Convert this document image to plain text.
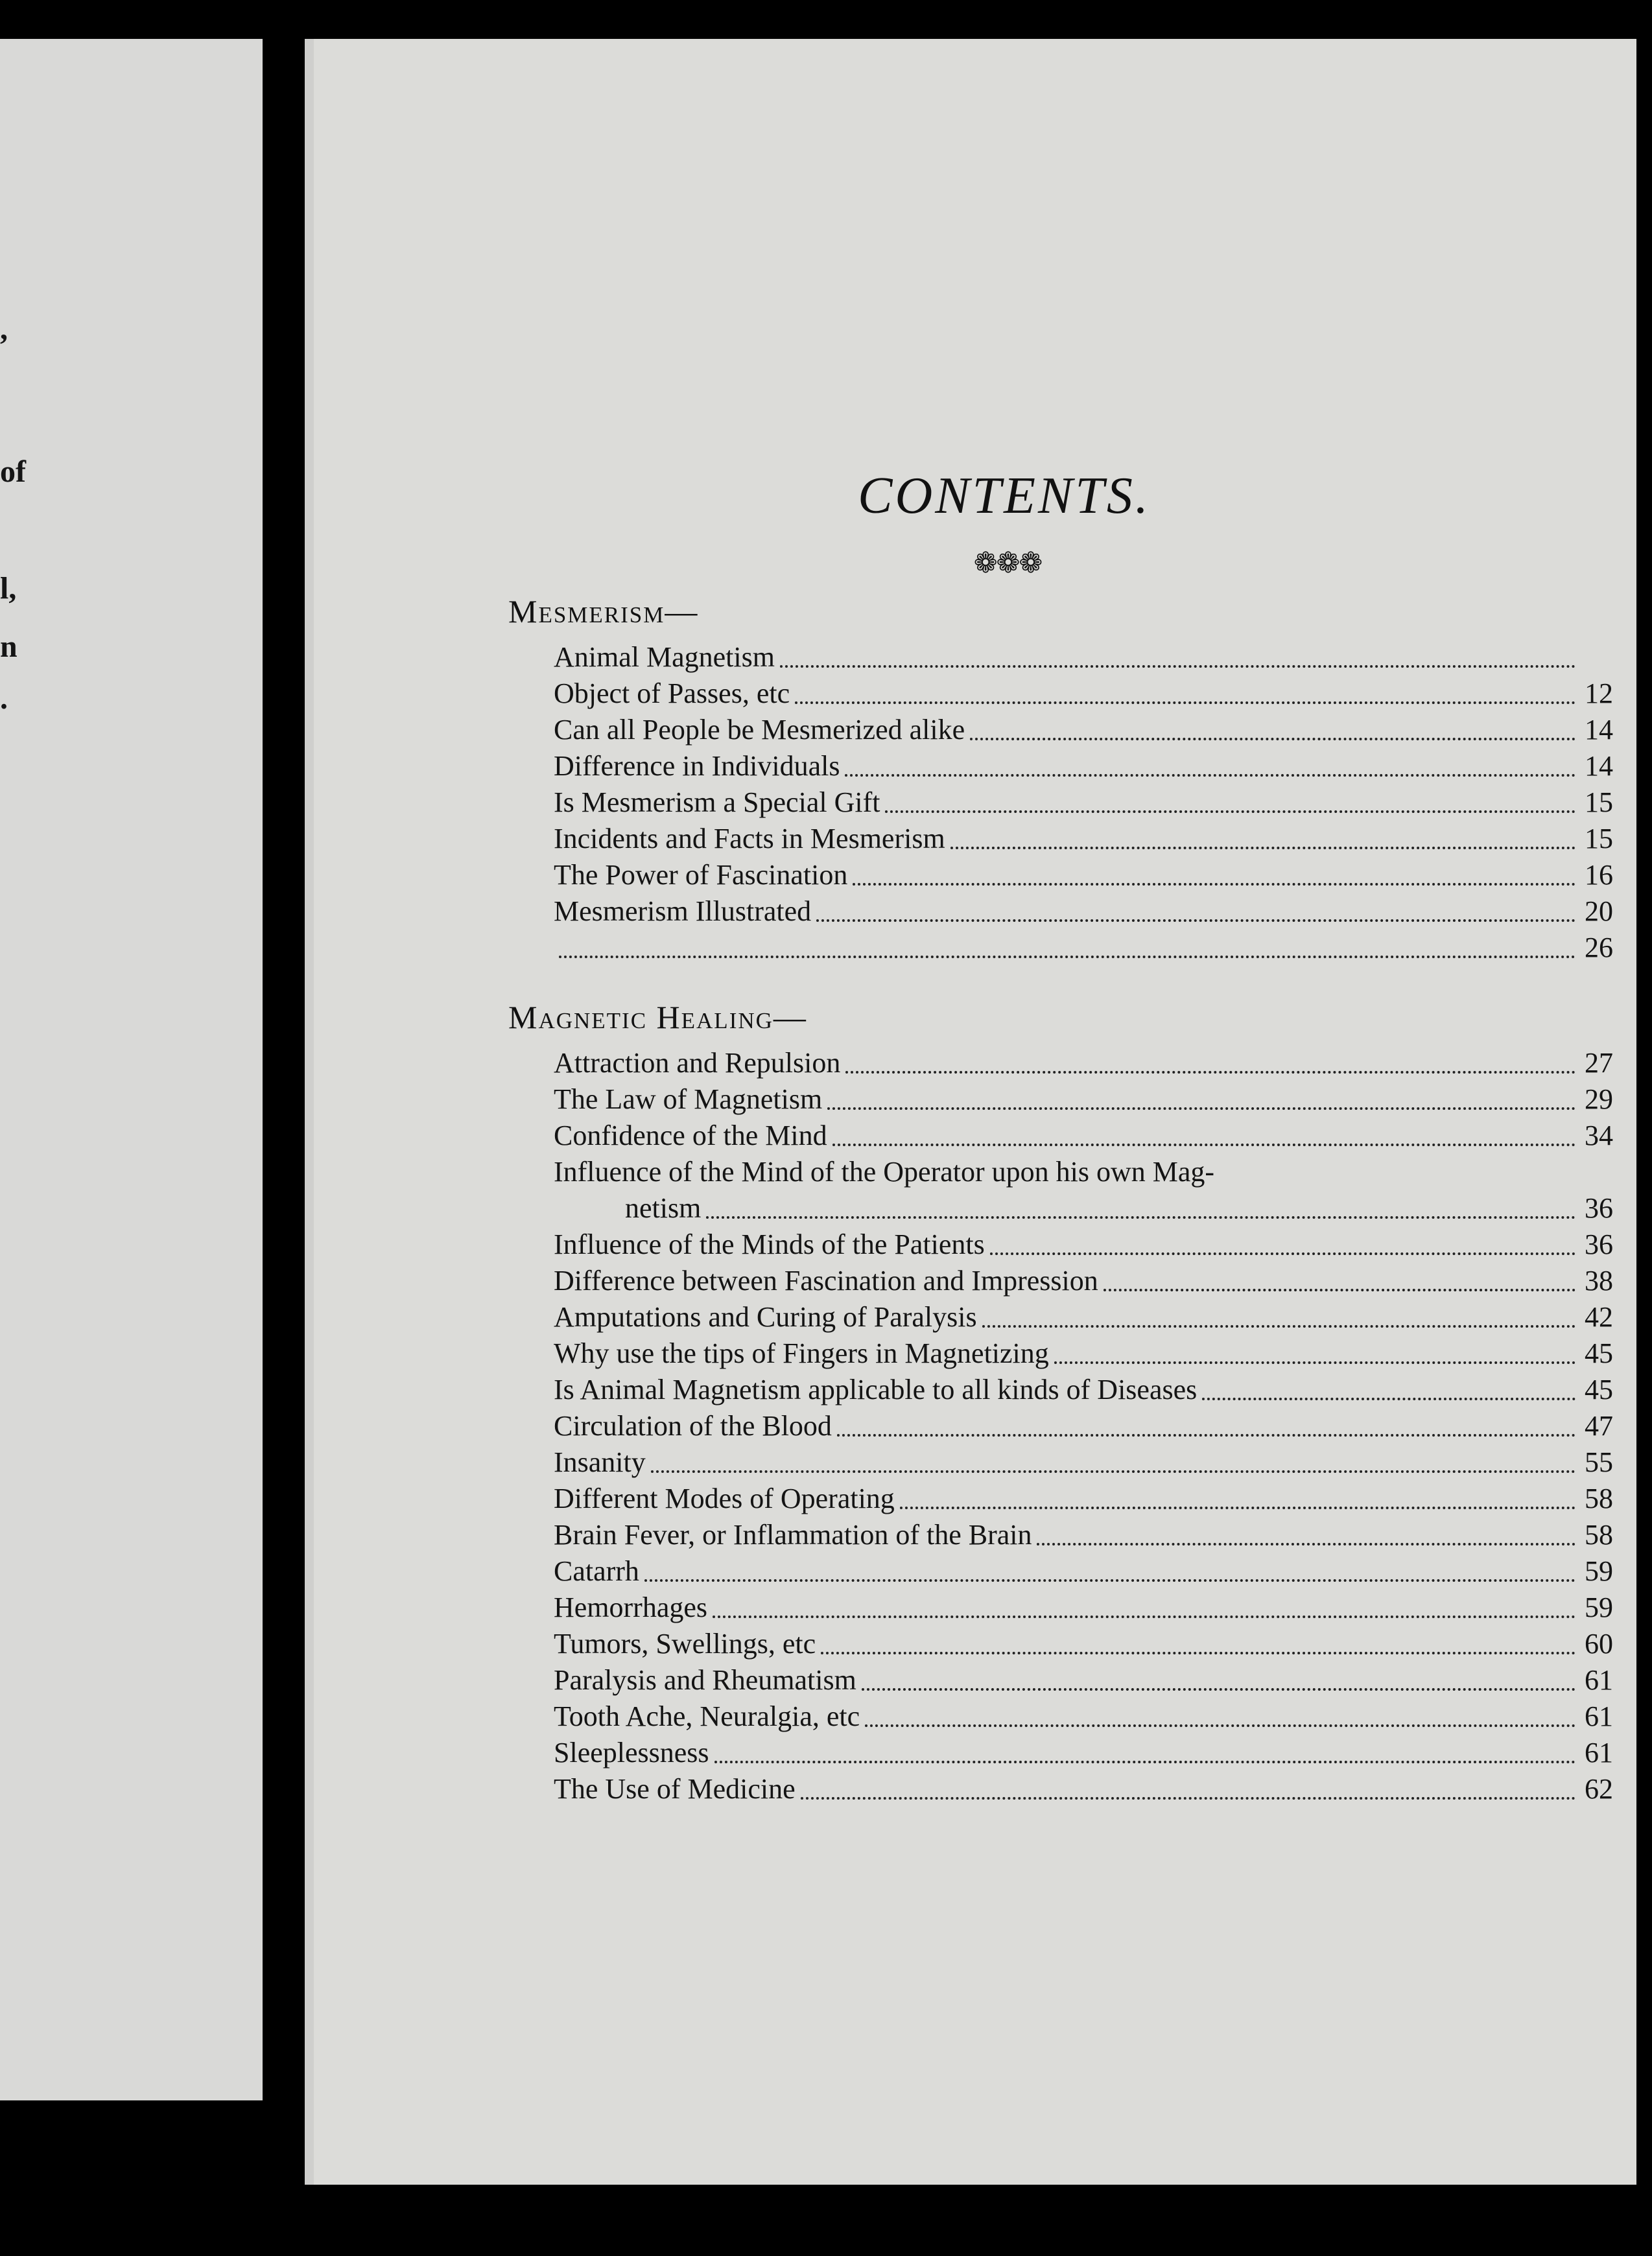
,
of
l,
n
.
CONTENTS.
❁❁❁
Mesmerism—
Animal Magnetism
Object of Passes, etc	12
Can all People be Mesmerized alike	14
Difference in Individuals	14
Is Mesmerism a Special Gift	15
Incidents and Facts in Mesmerism	15
The Power of Fascination	16
Mesmerism Illustrated	20
26
Magnetic Healing—
Attraction and Repulsion	27
The Law of Magnetism	29
Confidence of the Mind	34
Influence of the Mind of the Operator upon his own Mag-
netism	36
Influence of the Minds of the Patients	36
Difference between Fascination and Impression	38
Amputations and Curing of Paralysis	42
Why use the tips of Fingers in Magnetizing	45
Is Animal Magnetism applicable to all kinds of Diseases	45
Circulation of the Blood	47
Insanity	55
Different Modes of Operating	58
Brain Fever, or Inflammation of the Brain	58
Catarrh	59
Hemorrhages	59
Tumors, Swellings, etc	60
Paralysis and Rheumatism	61
Tooth Ache, Neuralgia, etc	61
Sleeplessness	61
The Use of Medicine	62
